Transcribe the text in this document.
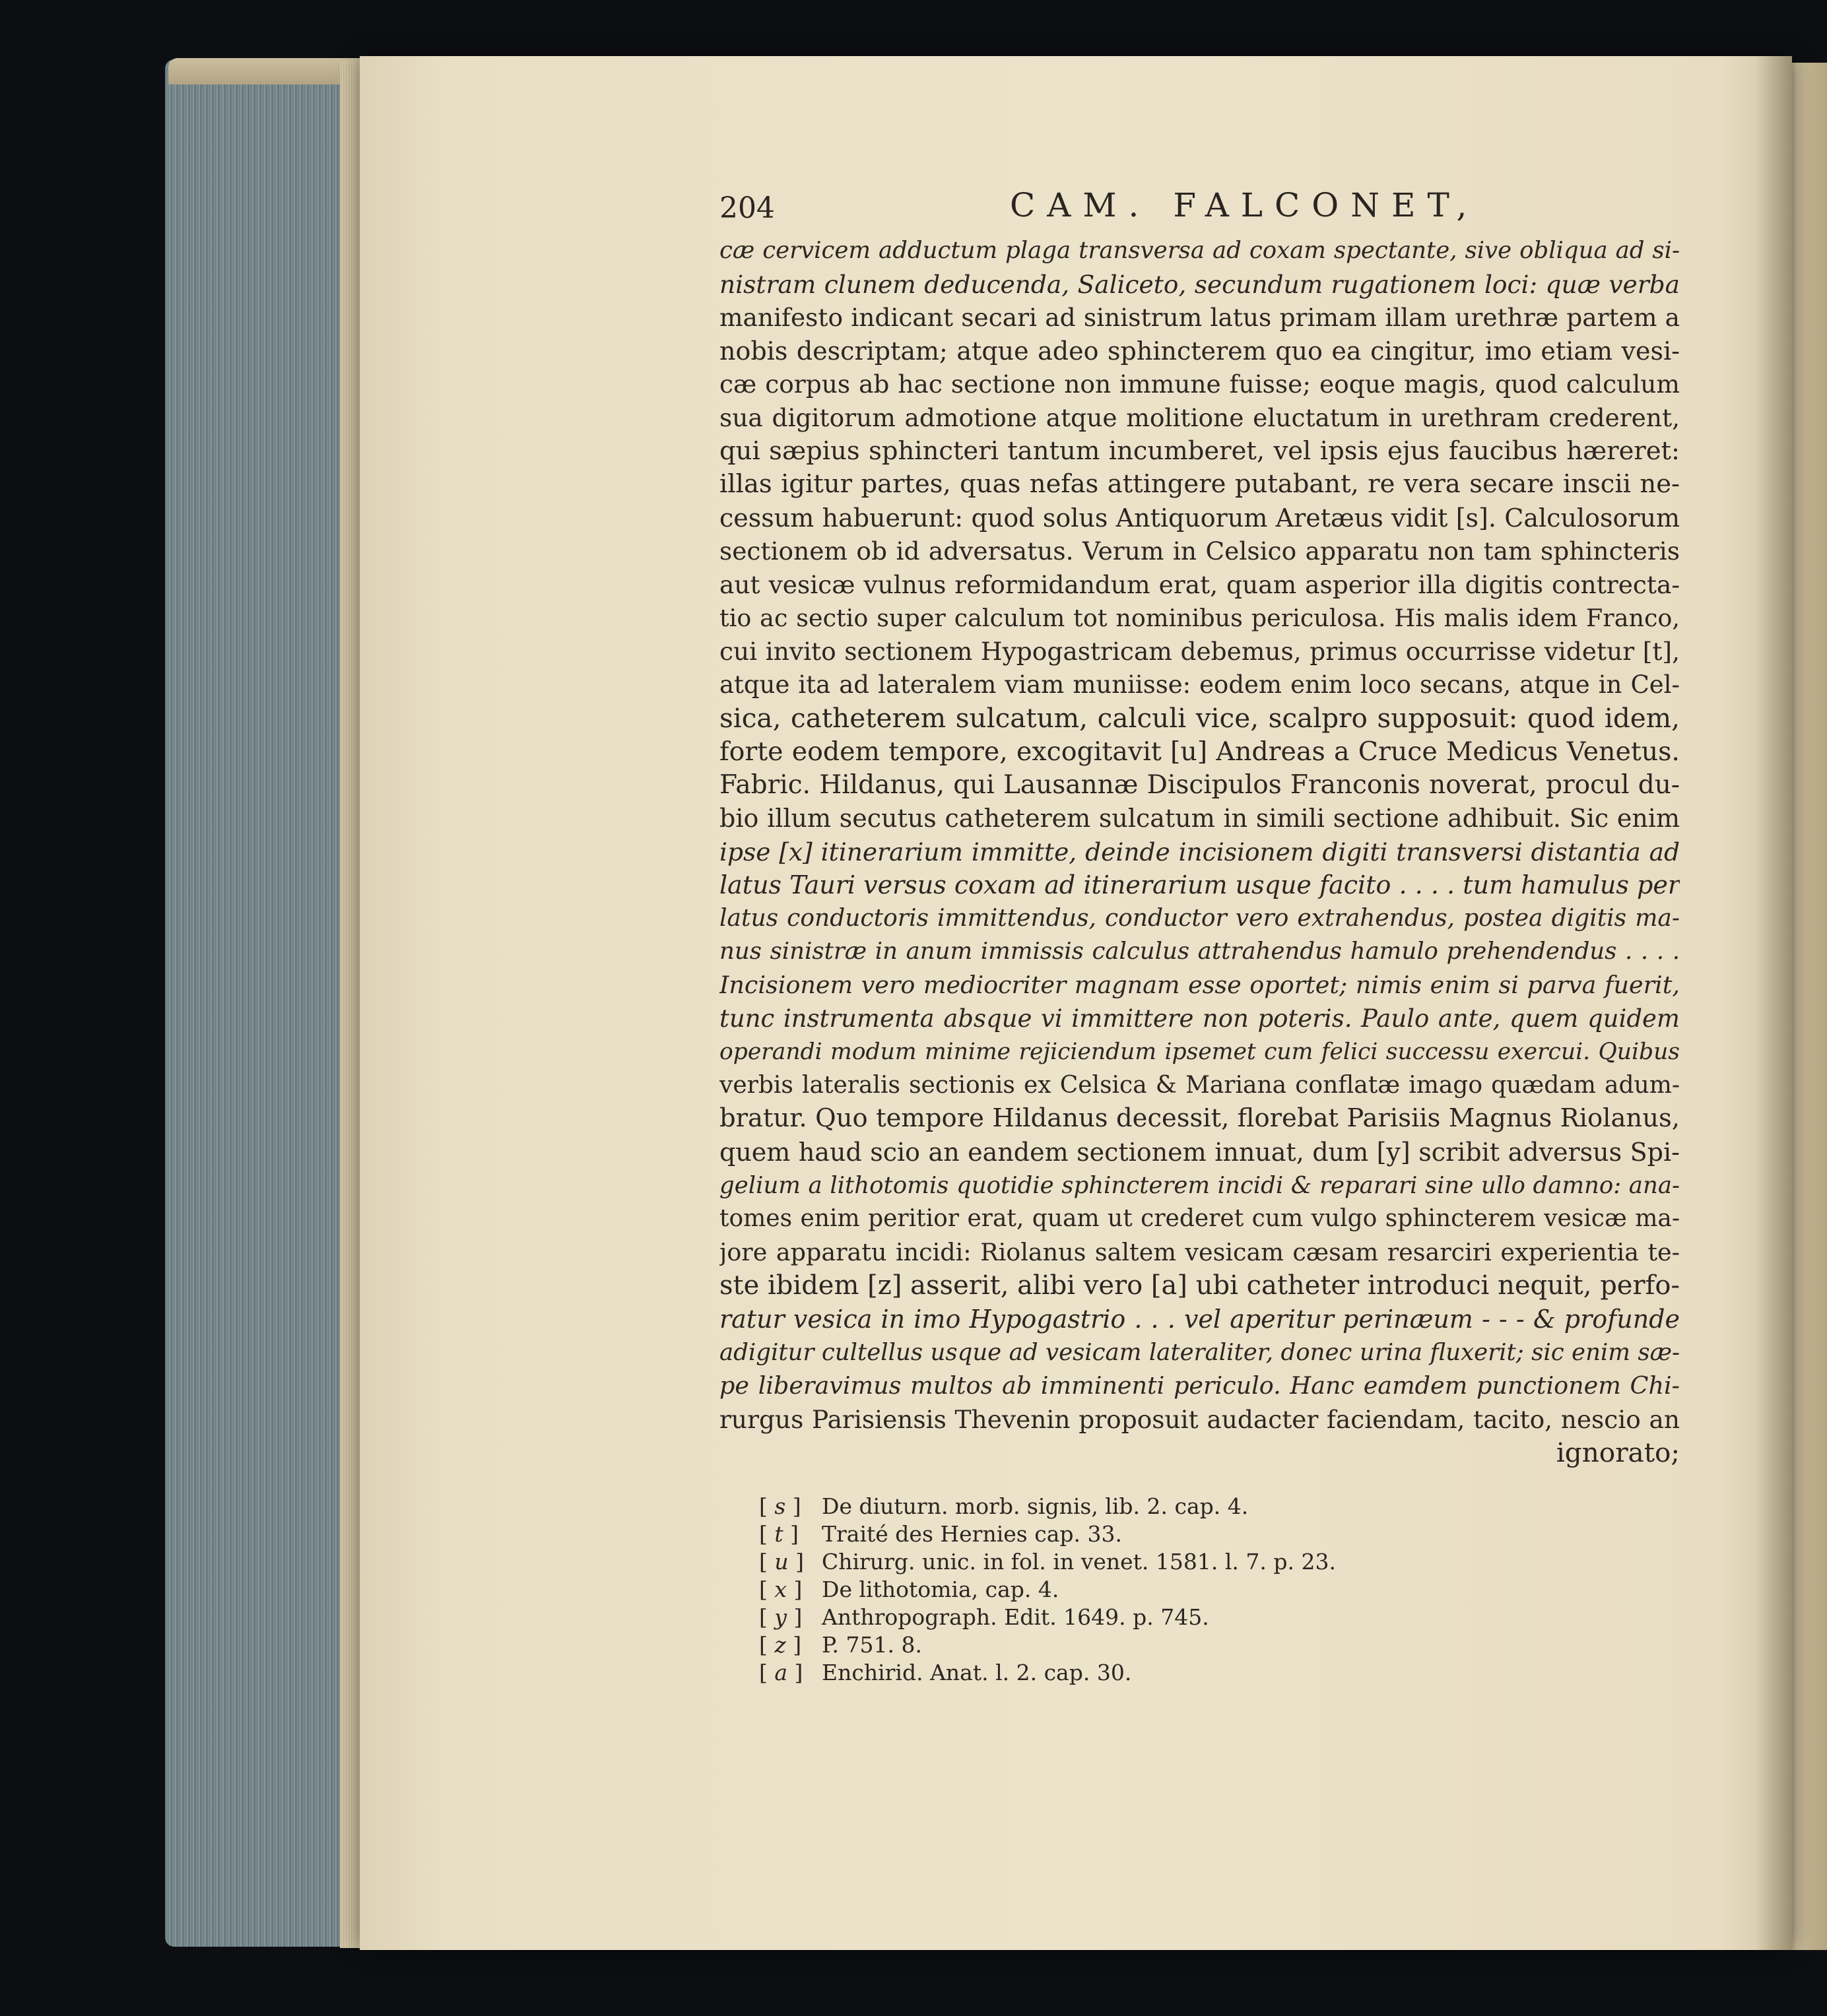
204	CAM. FALCONET,
cæ cervicem adductum plaga transversa ad coxam spectante, sive obliqua ad si-
nistram clunem deducenda, Saliceto, secundum rugationem loci: quæ verba
manifesto indicant secari ad sinistrum latus primam illam urethræ partem a
nobis descriptam; atque adeo sphincterem quo ea cingitur, imo etiam vesi-
cæ corpus ab hac sectione non immune fuisse; eoque magis, quod calculum
sua digitorum admotione atque molitione eluctatum in urethram crederent,
qui sæpius sphincteri tantum incumberet, vel ipsis ejus faucibus hæreret:
illas igitur partes, quas nefas attingere putabant, re vera secare inscii ne-
cessum habuerunt: quod solus Antiquorum Aretæus vidit [s]. Calculosorum
sectionem ob id adversatus. Verum in Celsico apparatu non tam sphincteris
aut vesicæ vulnus reformidandum erat, quam asperior illa digitis contrecta-
tio ac sectio super calculum tot nominibus periculosa. His malis idem Franco,
cui invito sectionem Hypogastricam debemus, primus occurrisse videtur [t],
atque ita ad lateralem viam muniisse: eodem enim loco secans, atque in Cel-
sica, catheterem sulcatum, calculi vice, scalpro supposuit: quod idem,
forte eodem tempore, excogitavit [u] Andreas a Cruce Medicus Venetus.
Fabric. Hildanus, qui Lausannæ Discipulos Franconis noverat, procul du-
bio illum secutus catheterem sulcatum in simili sectione adhibuit. Sic enim
ipse [x] itinerarium immitte, deinde incisionem digiti transversi distantia ad
latus Tauri versus coxam ad itinerarium usque facito . . . . tum hamulus per
latus conductoris immittendus, conductor vero extrahendus, postea digitis ma-
nus sinistræ in anum immissis calculus attrahendus hamulo prehendendus . . . .
Incisionem vero mediocriter magnam esse oportet; nimis enim si parva fuerit,
tunc instrumenta absque vi immittere non poteris. Paulo ante, quem quidem
operandi modum minime rejiciendum ipsemet cum felici successu exercui. Quibus
verbis lateralis sectionis ex Celsica & Mariana conflatæ imago quædam adum-
bratur. Quo tempore Hildanus decessit, florebat Parisiis Magnus Riolanus,
quem haud scio an eandem sectionem innuat, dum [y] scribit adversus Spi-
gelium a lithotomis quotidie sphincterem incidi & reparari sine ullo damno: ana-
tomes enim peritior erat, quam ut crederet cum vulgo sphincterem vesicæ ma-
jore apparatu incidi: Riolanus saltem vesicam cæsam resarciri experientia te-
ste ibidem [z] asserit, alibi vero [a] ubi catheter introduci nequit, perfo-
ratur vesica in imo Hypogastrio . . . vel aperitur perinæum - - - & profunde
adigitur cultellus usque ad vesicam lateraliter, donec urina fluxerit; sic enim sæ-
pe liberavimus multos ab imminenti periculo. Hanc eamdem punctionem Chi-
rurgus Parisiensis Thevenin proposuit audacter faciendam, tacito, nescio an
ignorato;
[ s ] De diuturn. morb. signis, lib. 2. cap. 4.
[ t ] Traité des Hernies cap. 33.
[ u ] Chirurg. unic. in fol. in venet. 1581. l. 7. p. 23.
[ x ] De lithotomia, cap. 4.
[ y ] Anthropograph. Edit. 1649. p. 745.
[ z ] P. 751. 8.
[ a ] Enchirid. Anat. l. 2. cap. 30.
